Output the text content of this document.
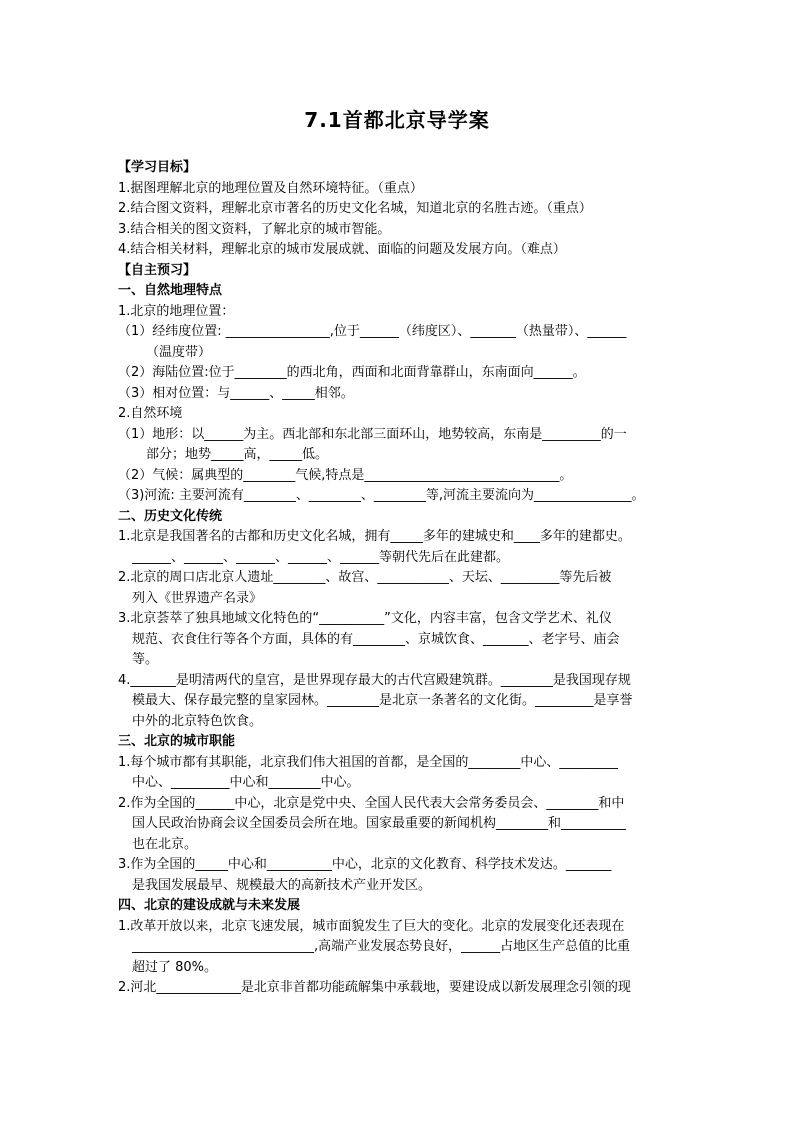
7.1首都北京导学案
【学习目标】
1.据图理解北京的地理位置及自然环境特征。（重点）
2.结合图文资料，理解北京市著名的历史文化名城，知道北京的名胜古迹。（重点）
3.结合相关的图文资料，了解北京的城市智能。
4.结合相关材料，理解北京的城市发展成就、面临的问题及发展方向。（难点）
【自主预习】
一、自然地理特点
1.北京的地理位置：
（1）经纬度位置: ________________,位于______（纬度区）、_______（热量带）、______
（温度带）
（2）海陆位置:位于________的西北角，西面和北面背靠群山，东南面向______。
（3）相对位置：与______、_____相邻。
2.自然环境
（1）地形：以______为主。西北部和东北部三面环山，地势较高，东南是_________的一
部分；地势_____高，_____低。
（2）气候：属典型的________气候,特点是______________________________。
（3)河流: 主要河流有________、________、________等,河流主要流向为_______________。
二、历史文化传统
1.北京是我国著名的古都和历史文化名城，拥有_____多年的建城史和____多年的建都史。
______、______、______、______、______等朝代先后在此建都。
2.北京的周口店北京人遗址________、故宫、___________、天坛、_________等先后被
列入《世界遗产名录》
3.北京荟萃了独具地域文化特色的“__________”文化，内容丰富，包含文学艺术、礼仪
规范、衣食住行等各个方面，具体的有________、京城饮食、_______、老字号、庙会
等。
4._______是明清两代的皇宫，是世界现存最大的古代宫殿建筑群。________是我国现存规
模最大、保存最完整的皇家园林。________是北京一条著名的文化街。_________是享誉
中外的北京特色饮食。
三、北京的城市职能
1.每个城市都有其职能，北京我们伟大祖国的首都，是全国的________中心、_________
中心、_________中心和________中心。
2.作为全国的______中心，北京是党中央、全国人民代表大会常务委员会、________和中
国人民政治协商会议全国委员会所在地。国家最重要的新闻机构________和__________
也在北京。
3.作为全国的_____中心和__________中心，北京的文化教育、科学技术发达。_______
是我国发展最早、规模最大的高新技术产业开发区。
四、北京的建设成就与未来发展
1.改革开放以来，北京飞速发展，城市面貌发生了巨大的变化。北京的发展变化还表现在
____________________________,高端产业发展态势良好，______占地区生产总值的比重
超过了 80%。
2.河北_____________是北京非首都功能疏解集中承载地，要建设成以新发展理念引领的现
